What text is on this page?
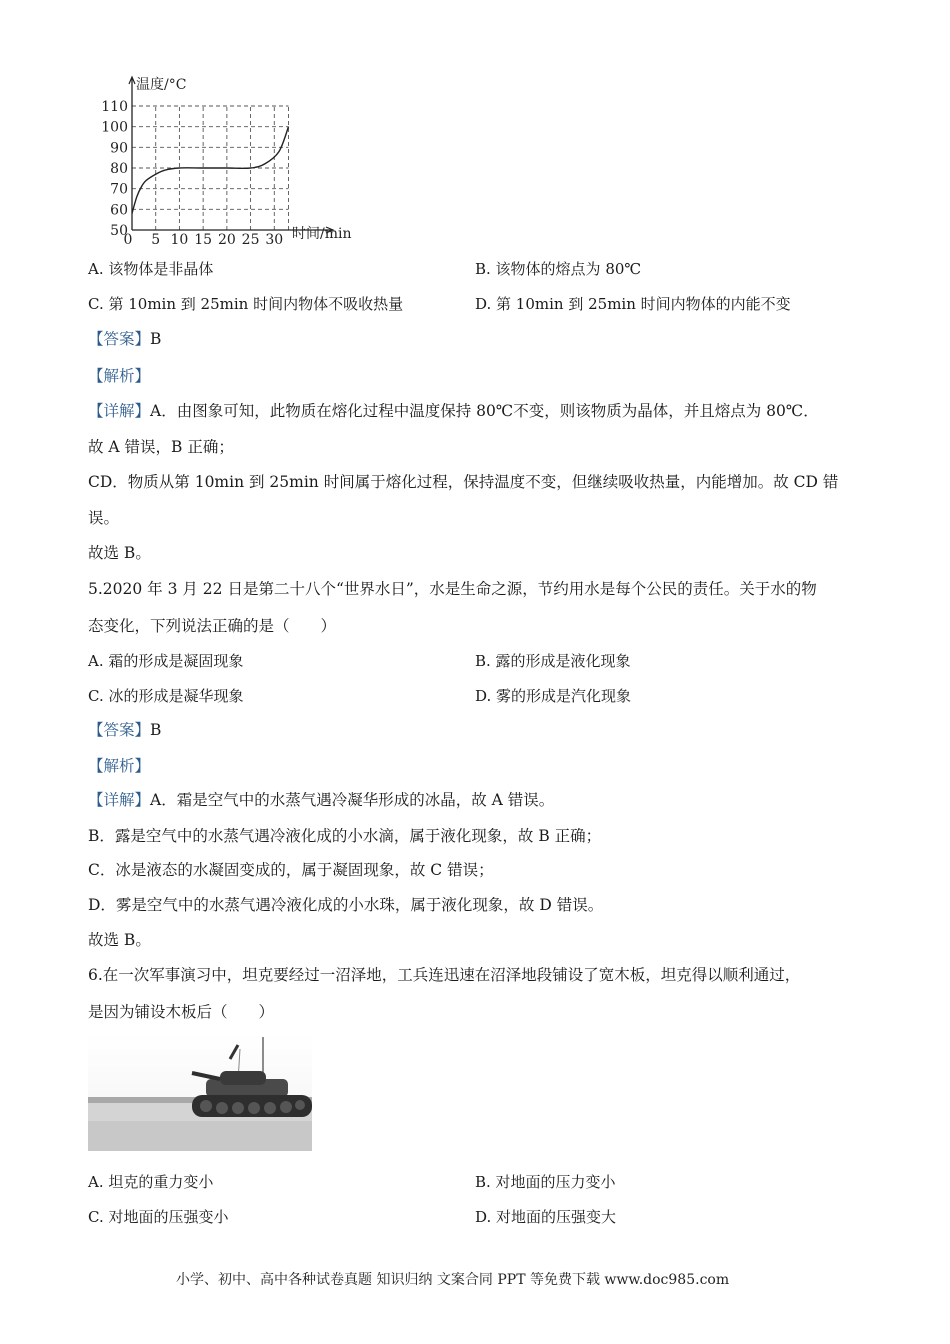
50
60
70
80
90
100
110
0 5 10 15 20 25 30
温度/°C
时间/min
A. 该物体是非晶体	B. 该物体的熔点为 80℃
C. 第 10min 到 25min 时间内物体不吸收热量	D. 第 10min 到 25min 时间内物体的内能不变
【答案】B
【解析】
【详解】A．由图象可知，此物质在熔化过程中温度保持 80℃不变，则该物质为晶体，并且熔点为 80℃．
故 A 错误，B 正确；
CD．物质从第 10min 到 25min 时间属于熔化过程，保持温度不变，但继续吸收热量，内能增加。故 CD 错
误。
故选 B。
5.2020 年 3 月 22 日是第二十八个“世界水日”，水是生命之源，节约用水是每个公民的责任。关于水的物
态变化，下列说法正确的是（　　）
A. 霜的形成是凝固现象	B. 露的形成是液化现象
C. 冰的形成是凝华现象	D. 雾的形成是汽化现象
【答案】B
【解析】
【详解】A．霜是空气中的水蒸气遇冷凝华形成的冰晶，故 A 错误。
B．露是空气中的水蒸气遇冷液化成的小水滴，属于液化现象，故 B 正确；
C．冰是液态的水凝固变成的，属于凝固现象，故 C 错误；
D．雾是空气中的水蒸气遇冷液化成的小水珠，属于液化现象，故 D 错误。
故选 B。
6.在一次军事演习中，坦克要经过一沼泽地，工兵连迅速在沼泽地段铺设了宽木板，坦克得以顺利通过，
是因为铺设木板后（　　）
A. 坦克的重力变小	B. 对地面的压力变小
C. 对地面的压强变小	D. 对地面的压强变大
小学、初中、高中各种试卷真题 知识归纳 文案合同 PPT 等免费下载 www.doc985.com
